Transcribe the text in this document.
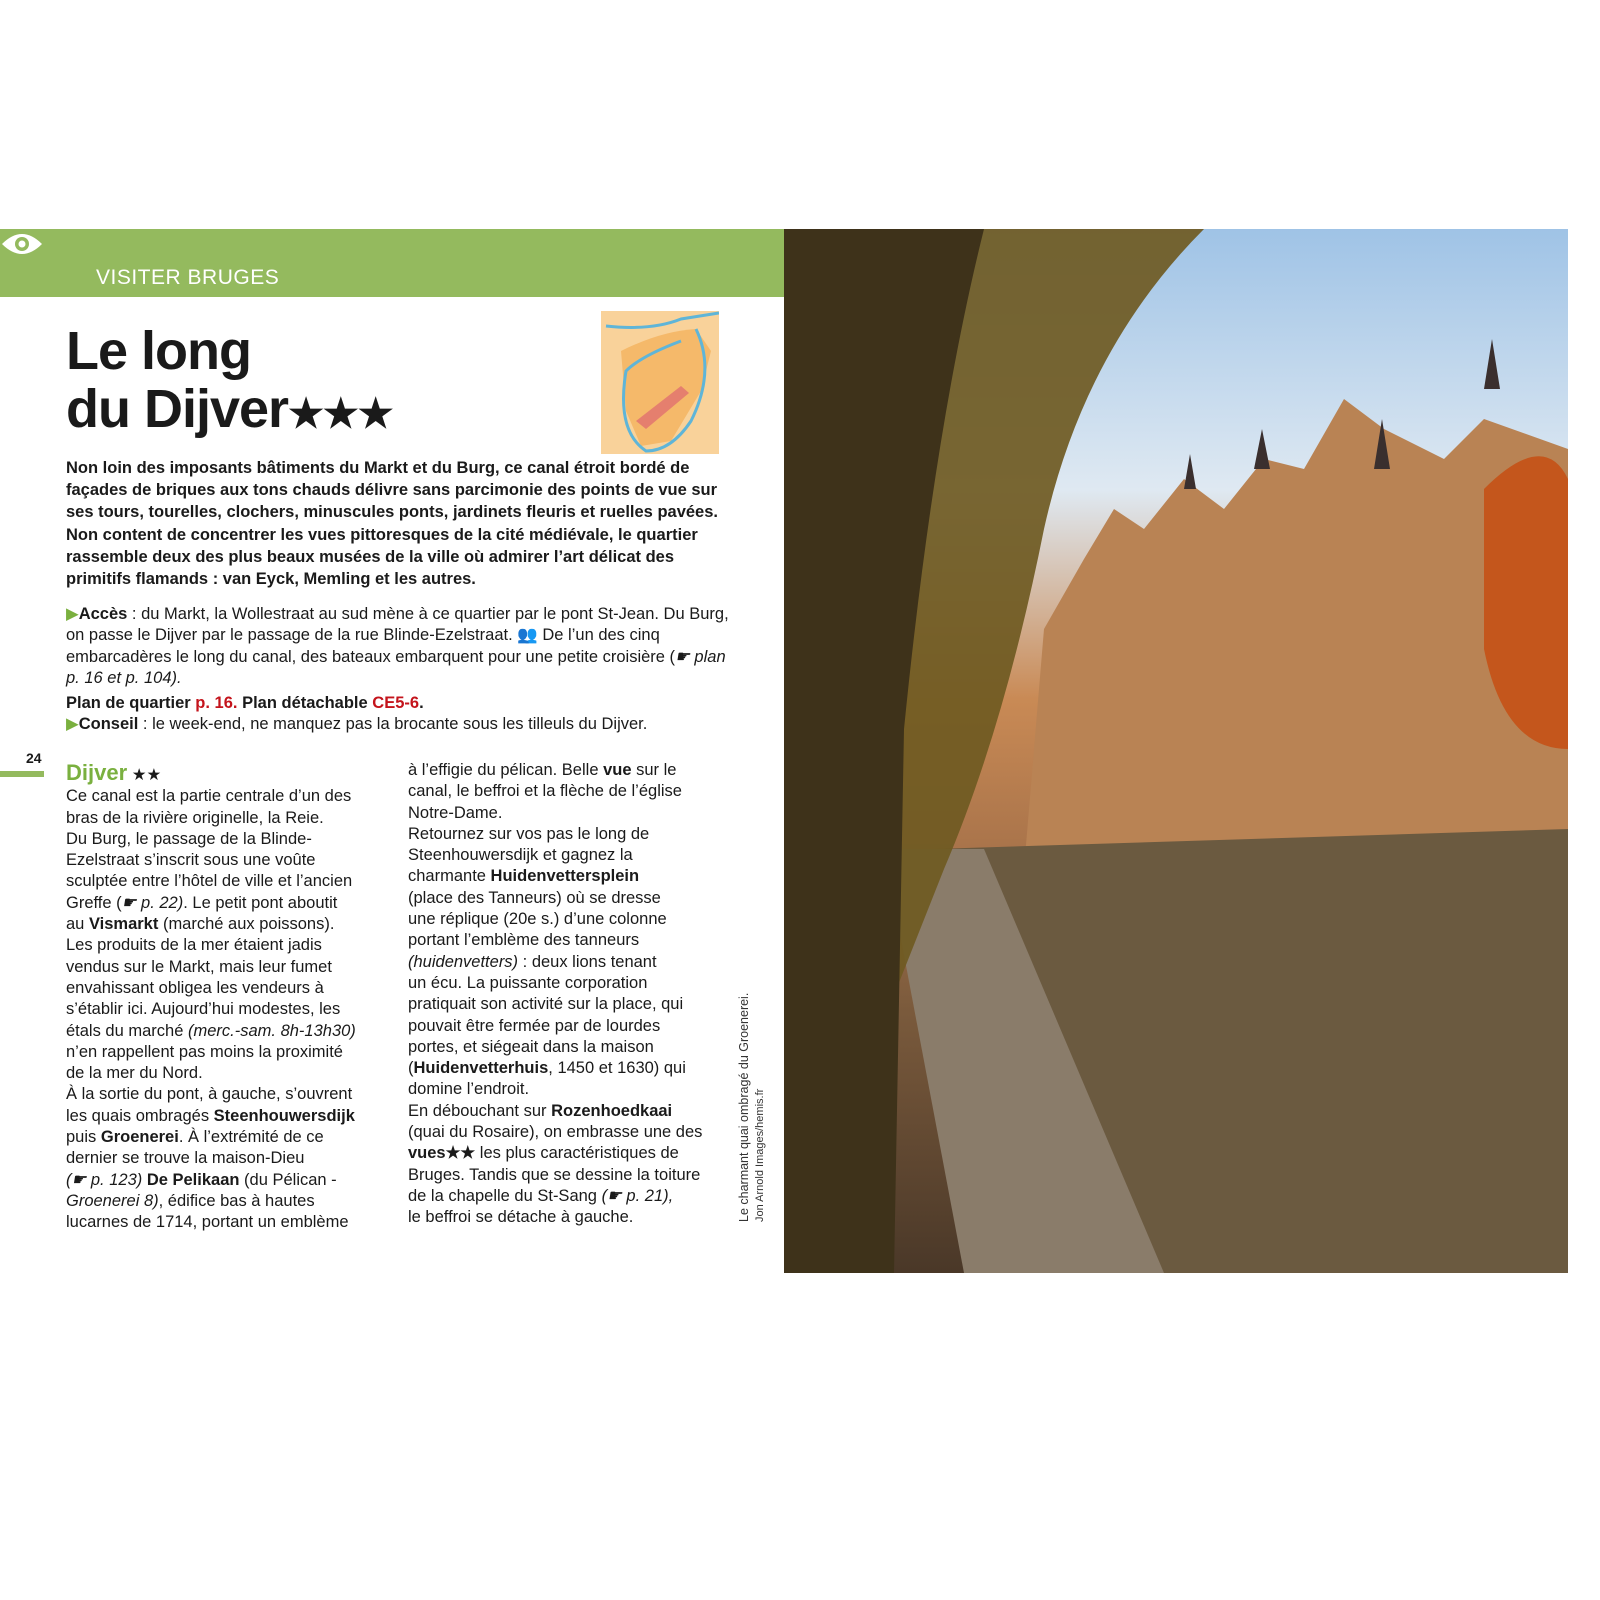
VISITER BRUGES
Le long
du Dijver★★★
Non loin des imposants bâtiments du Markt et du Burg, ce canal étroit bordé de façades de briques aux tons chauds délivre sans parcimonie des points de vue sur ses tours, tourelles, clochers, minuscules ponts, jardinets fleuris et ruelles pavées. Non content de concentrer les vues pittoresques de la cité médiévale, le quartier rassemble deux des plus beaux musées de la ville où admirer l’art délicat des primitifs flamands : van Eyck, Memling et les autres.
▶Accès : du Markt, la Wollestraat au sud mène à ce quartier par le pont St-Jean. Du Burg, on passe le Dijver par le passage de la rue Blinde-Ezelstraat. 👥 De l’un des cinq embarcadères le long du canal, des bateaux embarquent pour une petite croisière (☛ plan p. 16 et p. 104).
Plan de quartier p. 16. Plan détachable CE5-6.
▶Conseil : le week-end, ne manquez pas la brocante sous les tilleuls du Dijver.
24
Dijver ★★
Ce canal est la partie centrale d’un des
bras de la rivière originelle, la Reie.
Du Burg, le passage de la Blinde-
Ezelstraat s’inscrit sous une voûte
sculptée entre l’hôtel de ville et l’ancien
Greffe (☛ p. 22). Le petit pont aboutit
au Vismarkt (marché aux poissons).
Les produits de la mer étaient jadis
vendus sur le Markt, mais leur fumet
envahissant obligea les vendeurs à
s’établir ici. Aujourd’hui modestes, les
étals du marché (merc.-sam. 8h-13h30)
n’en rappellent pas moins la proximité
de la mer du Nord.
À la sortie du pont, à gauche, s’ouvrent
les quais ombragés Steenhouwersdijk
puis Groenerei. À l’extrémité de ce
dernier se trouve la maison-Dieu
(☛ p. 123) De Pelikaan (du Pélican -
Groenerei 8), édifice bas à hautes
lucarnes de 1714, portant un emblème
à l’effigie du pélican. Belle vue sur le
canal, le beffroi et la flèche de l’église
Notre-Dame.
Retournez sur vos pas le long de
Steenhouwersdijk et gagnez la
charmante Huidenvettersplein
(place des Tanneurs) où se dresse
une réplique (20e s.) d’une colonne
portant l’emblème des tanneurs
(huidenvetters) : deux lions tenant
un écu. La puissante corporation
pratiquait son activité sur la place, qui
pouvait être fermée par de lourdes
portes, et siégeait dans la maison
(Huidenvetterhuis, 1450 et 1630) qui
domine l’endroit.
En débouchant sur Rozenhoedkaai
(quai du Rosaire), on embrasse une des
vues★★ les plus caractéristiques de
Bruges. Tandis que se dessine la toiture
de la chapelle du St-Sang (☛ p. 21),
le beffroi se détache à gauche.	Le charmant quai ombragé du Groenerei. Jon Arnold Images/hemis.fr
